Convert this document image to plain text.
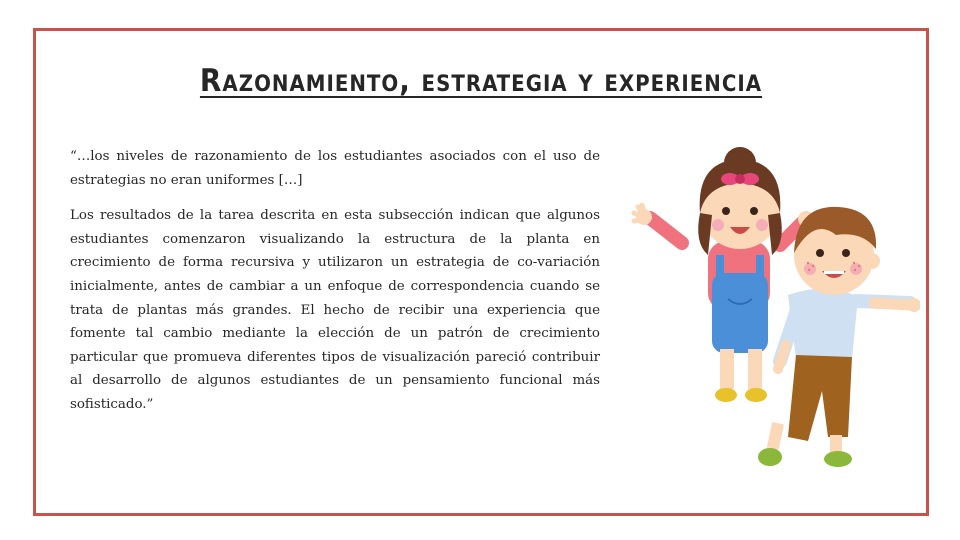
Razonamiento, estrategia y experiencia

“…los niveles de razonamiento de los estudiantes asociados con el uso de estrategias no eran uniformes […]

Los resultados de la tarea descrita en esta subsección indican que algunos estudiantes comenzaron visualizando la estructura de la planta en crecimiento de forma recursiva y utilizaron un estrategia de co-variación inicialmente, antes de cambiar a un enfoque de correspondencia cuando se trata de plantas más grandes. El hecho de recibir una experiencia que fomente tal cambio mediante la elección de un patrón de crecimiento particular que promueva diferentes tipos de visualización pareció contribuir al desarrollo de algunos estudiantes de un pensamiento funcional más sofisticado.”
